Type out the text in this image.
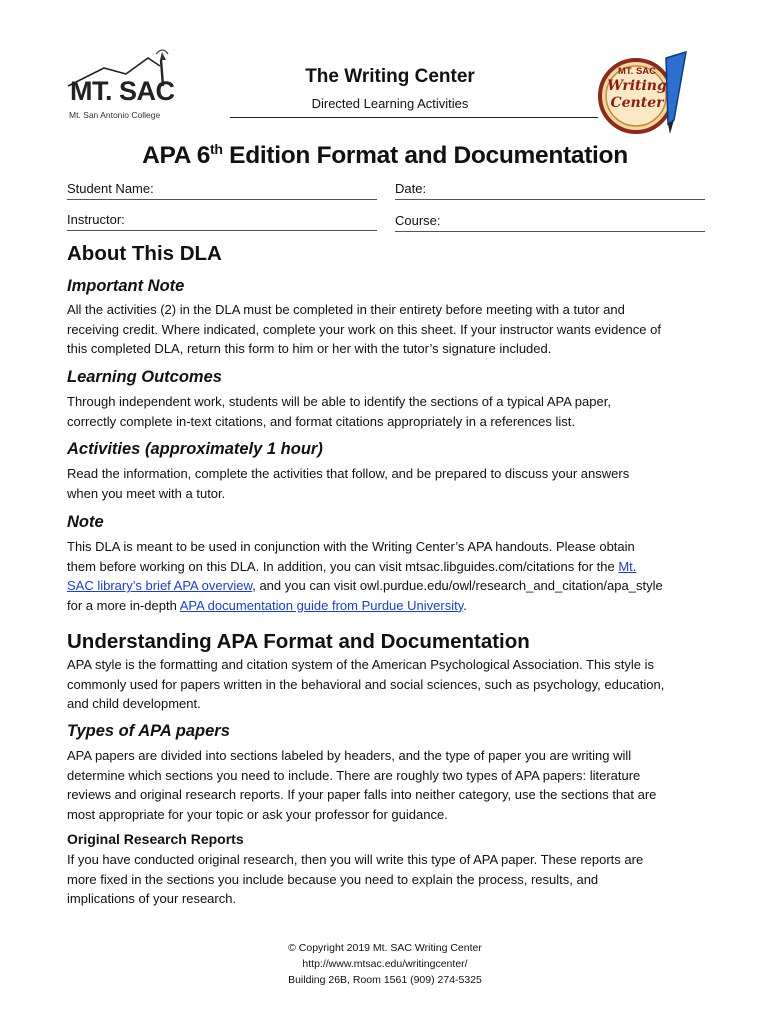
MT. SAC
Mt. San Antonio College
The Writing Center
Directed Learning Activities
MT. SAC
Writing
Center
APA 6th Edition Format and Documentation
Student Name:	Date:
Instructor:	Course:
About This DLA
Important Note
All the activities (2) in the DLA must be completed in their entirety before meeting with a tutor and
receiving credit. Where indicated, complete your work on this sheet. If your instructor wants evidence of
this completed DLA, return this form to him or her with the tutor’s signature included.
Learning Outcomes
Through independent work, students will be able to identify the sections of a typical APA paper,
correctly complete in-text citations, and format citations appropriately in a references list.
Activities (approximately 1 hour)
Read the information, complete the activities that follow, and be prepared to discuss your answers
when you meet with a tutor.
Note
This DLA is meant to be used in conjunction with the Writing Center’s APA handouts. Please obtain
them before working on this DLA. In addition, you can visit mtsac.libguides.com/citations for the Mt.
SAC library’s brief APA overview, and you can visit owl.purdue.edu/owl/research_and_citation/apa_style
for a more in-depth APA documentation guide from Purdue University.
Understanding APA Format and Documentation
APA style is the formatting and citation system of the American Psychological Association. This style is
commonly used for papers written in the behavioral and social sciences, such as psychology, education,
and child development.
Types of APA papers
APA papers are divided into sections labeled by headers, and the type of paper you are writing will
determine which sections you need to include. There are roughly two types of APA papers: literature
reviews and original research reports. If your paper falls into neither category, use the sections that are
most appropriate for your topic or ask your professor for guidance.
Original Research Reports
If you have conducted original research, then you will write this type of APA paper. These reports are
more fixed in the sections you include because you need to explain the process, results, and
implications of your research.
© Copyright 2019 Mt. SAC Writing Center
http://www.mtsac.edu/writingcenter/
Building 26B, Room 1561 (909) 274-5325
